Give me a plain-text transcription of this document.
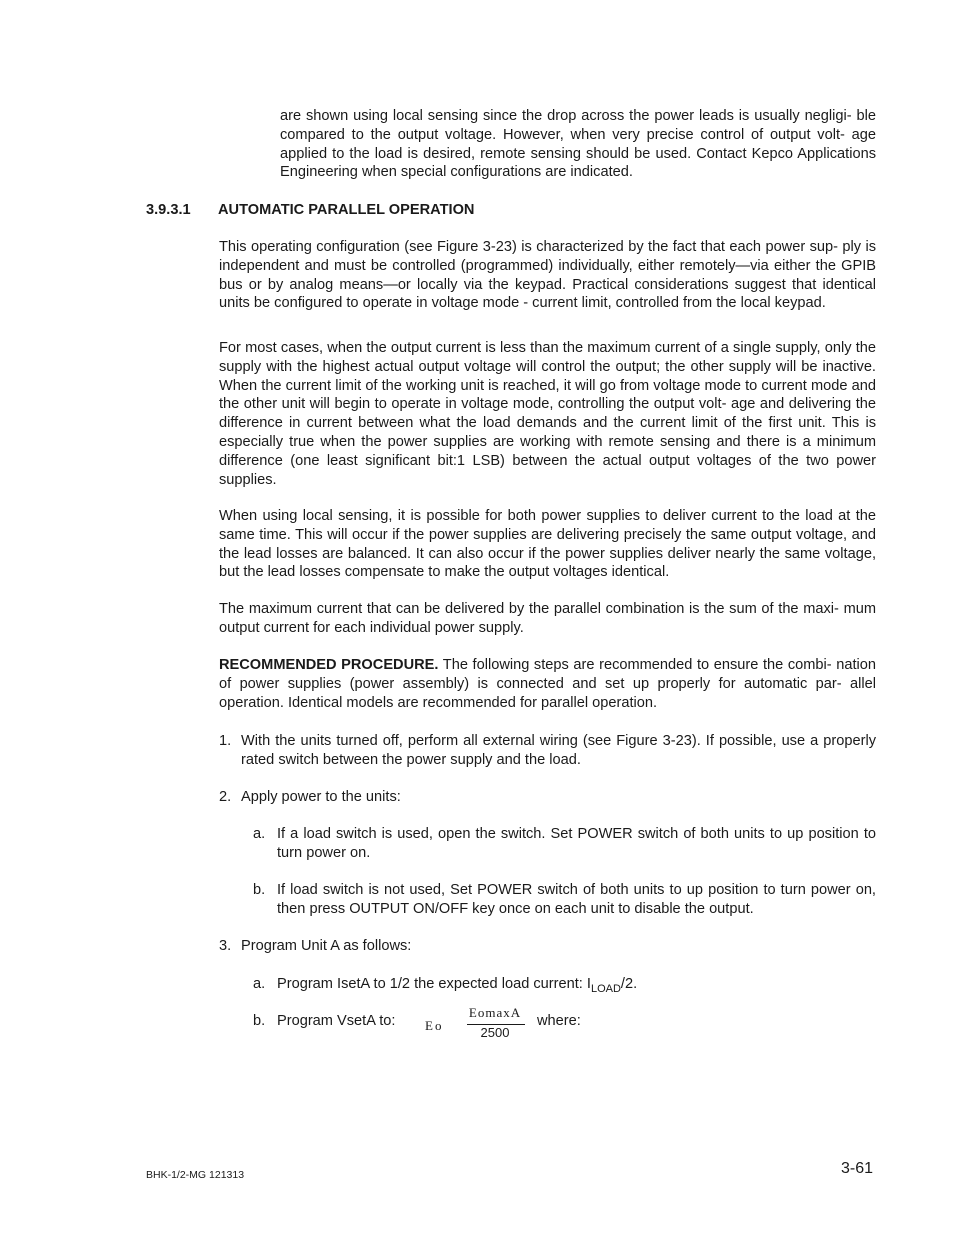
are shown using local sensing since the drop across the power leads is usually negligi- ble compared to the output voltage. However, when very precise control of output volt- age applied to the load is desired, remote sensing should be used. Contact Kepco Applications Engineering when special configurations are indicated.

3.9.3.1 AUTOMATIC PARALLEL OPERATION

This operating configuration (see Figure 3-23) is characterized by the fact that each power sup- ply is independent and must be controlled (programmed) individually, either remotely—via either the GPIB bus or by analog means—or locally via the keypad. Practical considerations suggest that identical units be configured to operate in voltage mode - current limit, controlled from the local keypad.

For most cases, when the output current is less than the maximum current of a single supply, only the supply with the highest actual output voltage will control the output; the other supply will be inactive. When the current limit of the working unit is reached, it will go from voltage mode to current mode and the other unit will begin to operate in voltage mode, controlling the output volt- age and delivering the difference in current between what the load demands and the current limit of the first unit. This is especially true when the power supplies are working with remote sensing and there is a minimum difference (one least significant bit:1 LSB) between the actual output voltages of the two power supplies.

When using local sensing, it is possible for both power supplies to deliver current to the load at the same time. This will occur if the power supplies are delivering precisely the same output voltage, and the lead losses are balanced. It can also occur if the power supplies deliver nearly the same voltage, but the lead losses compensate to make the output voltages identical.

The maximum current that can be delivered by the parallel combination is the sum of the maxi- mum output current for each individual power supply.

RECOMMENDED PROCEDURE. The following steps are recommended to ensure the combi- nation of power supplies (power assembly) is connected and set up properly for automatic par- allel operation. Identical models are recommended for parallel operation.

1. With the units turned off, perform all external wiring (see Figure 3-23). If possible, use a properly rated switch between the power supply and the load.
2. Apply power to the units:
a. If a load switch is used, open the switch. Set POWER switch of both units to up position to turn power on.
b. If load switch is not used, Set POWER switch of both units to up position to turn power on, then press OUTPUT ON/OFF key once on each unit to disable the output.
3. Program Unit A as follows:
a. Program IsetA to 1/2 the expected load current: $I_{LOAD}/2$.
b. Program VsetA to:	Eo
EomaxA
2500
where:
BHK-1/2-MG 121313	3-61
